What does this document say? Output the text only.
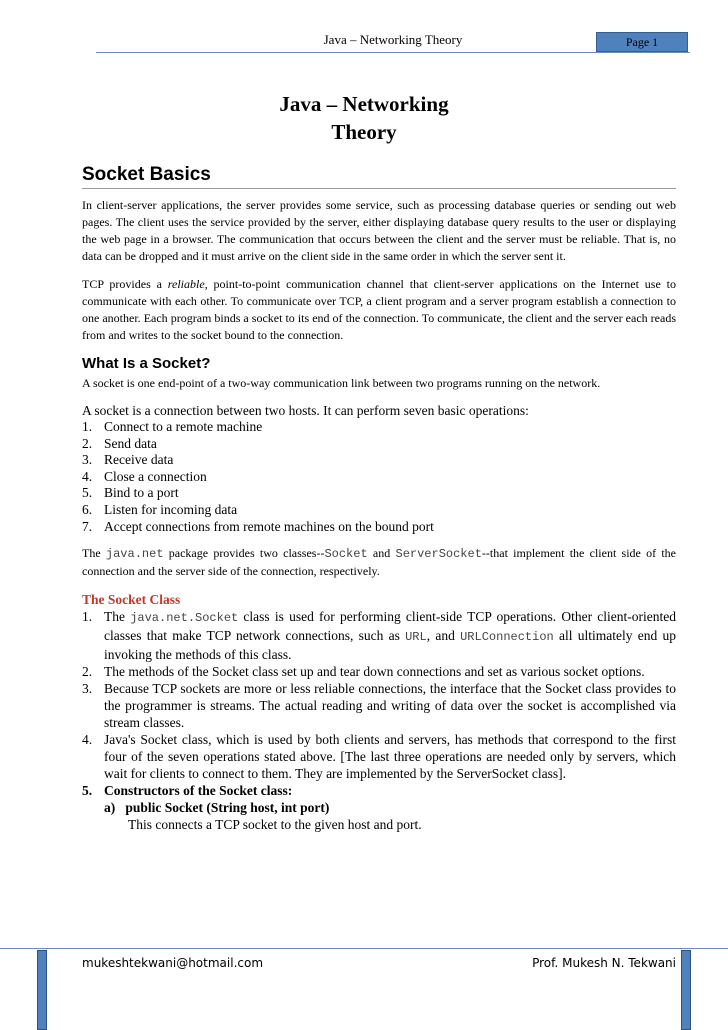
Java – Networking Theory	Page 1
Java – Networking
Theory
Socket Basics

In client-server applications, the server provides some service, such as processing database queries or sending out web pages. The client uses the service provided by the server, either displaying database query results to the user or displaying the web page in a browser. The communication that occurs between the client and the server must be reliable. That is, no data can be dropped and it must arrive on the client side in the same order in which the server sent it.

TCP provides a reliable, point-to-point communication channel that client-server applications on the Internet use to communicate with each other. To communicate over TCP, a client program and a server program establish a connection to one another. Each program binds a socket to its end of the connection. To communicate, the client and the server each reads from and writes to the socket bound to the connection.

What Is a Socket?

A socket is one end-point of a two-way communication link between two programs running on the network.

A socket is a connection between two hosts. It can perform seven basic operations:

1. Connect to a remote machine
2. Send data
3. Receive data
4. Close a connection
5. Bind to a port
6. Listen for incoming data
7. Accept connections from remote machines on the bound port

The java.net package provides two classes--Socket and ServerSocket--that implement the client side of the connection and the server side of the connection, respectively.

The Socket Class
1. The java.net.Socket class is used for performing client-side TCP operations. Other client-oriented classes that make TCP network connections, such as URL, and URLConnection all ultimately end up invoking the methods of this class.
2. The methods of the Socket class set up and tear down connections and set as various socket options.
3. Because TCP sockets are more or less reliable connections, the interface that the Socket class provides to the programmer is streams. The actual reading and writing of data over the socket is accomplished via stream classes.
4. Java's Socket class, which is used by both clients and servers, has methods that correspond to the first four of the seven operations stated above. [The last three operations are needed only by servers, which wait for clients to connect to them. They are implemented by the ServerSocket class].
5. Constructors of the Socket class:
a) public Socket (String host, int port)
This connects a TCP socket to the given host and port.
mukeshtekwani@hotmail.com	Prof. Mukesh N. Tekwani
